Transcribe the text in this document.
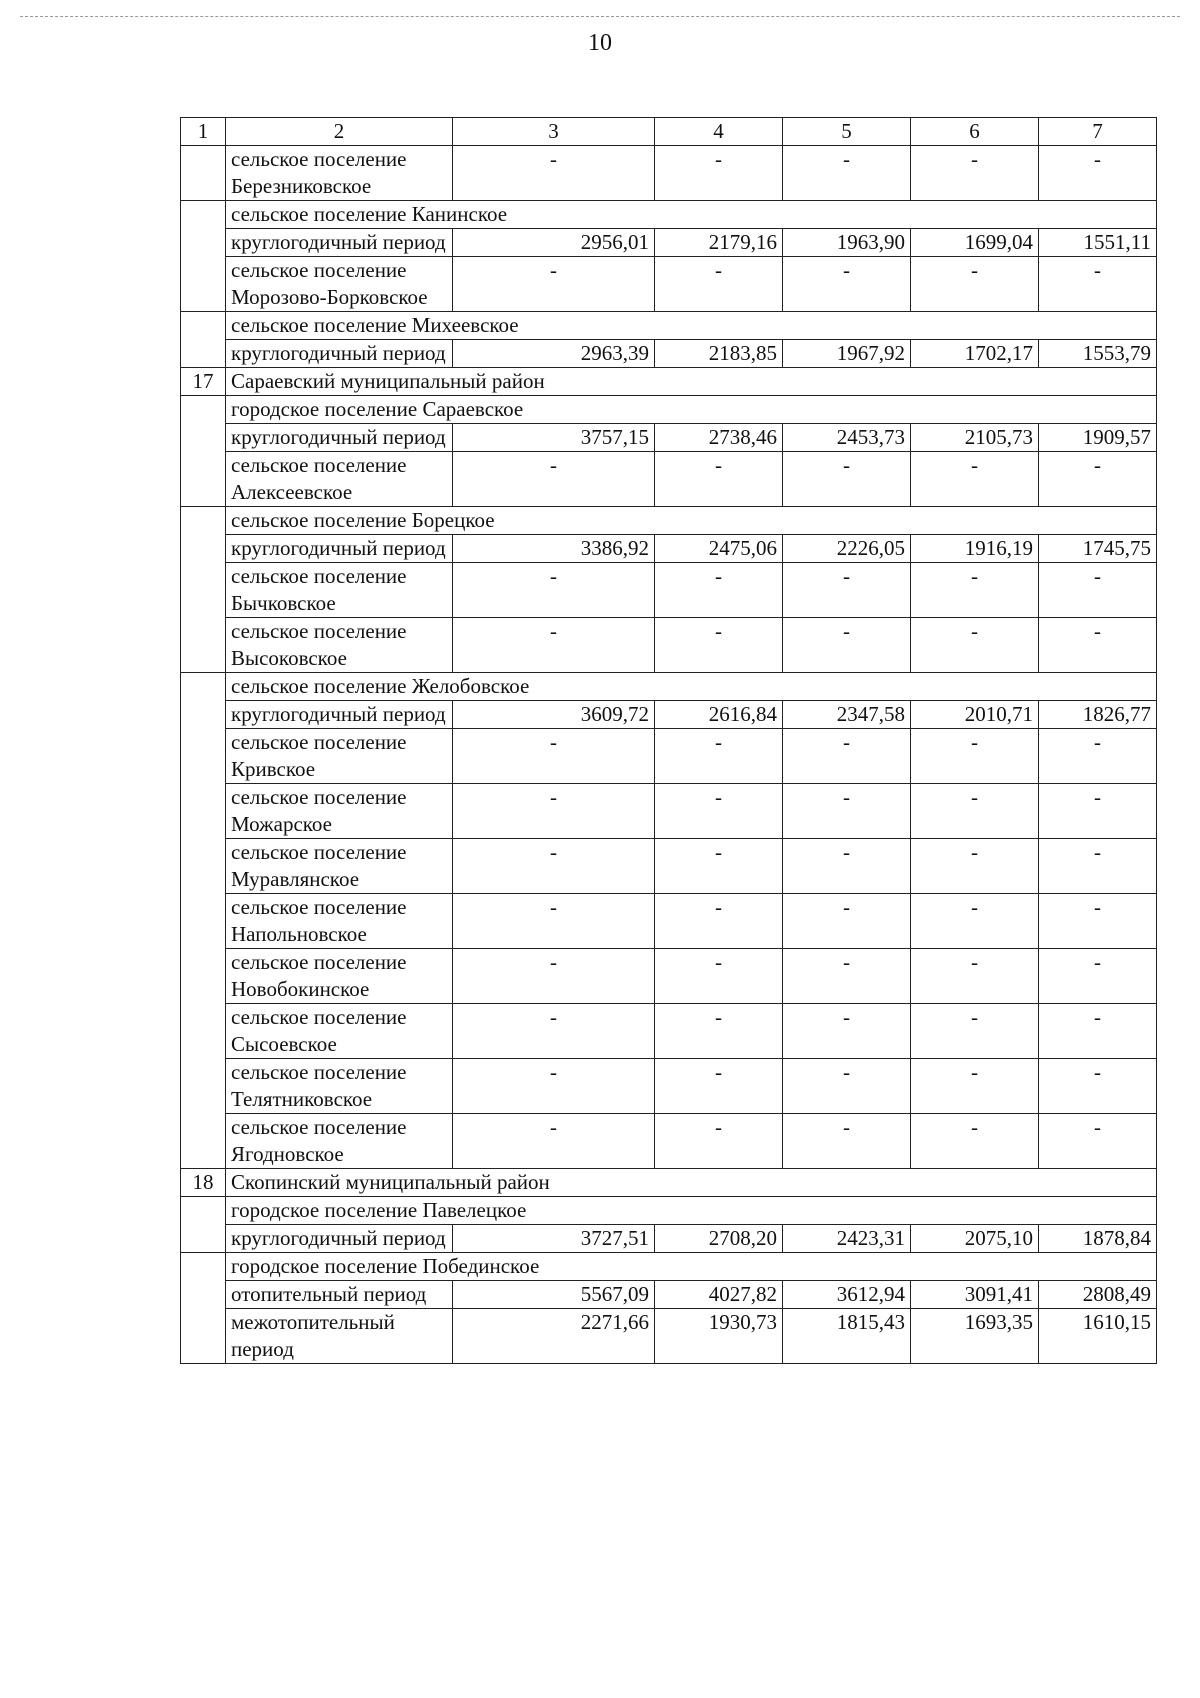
10
1	2	3	4	5	6	7
	сельское поселение Березниковское	-	-	-	-	-
	сельское поселение Канинское					
	круглогодичный период	2956,01	2179,16	1963,90	1699,04	1551,11
	сельское поселение Морозово-Борковское	-	-	-	-	-
	сельское поселение Михеевское					
	круглогодичный период	2963,39	2183,85	1967,92	1702,17	1553,79
17	Сараевский муниципальный район					
	городское поселение Сараевское					
	круглогодичный период	3757,15	2738,46	2453,73	2105,73	1909,57
	сельское поселение Алексеевское	-	-	-	-	-
	сельское поселение Борецкое					
	круглогодичный период	3386,92	2475,06	2226,05	1916,19	1745,75
	сельское поселение Бычковское	-	-	-	-	-
	сельское поселение Высоковское	-	-	-	-	-
	сельское поселение Желобовское					
	круглогодичный период	3609,72	2616,84	2347,58	2010,71	1826,77
	сельское поселение Кривское	-	-	-	-	-
	сельское поселение Можарское	-	-	-	-	-
	сельское поселение Муравлянское	-	-	-	-	-
	сельское поселение Напольновское	-	-	-	-	-
	сельское поселение Новобокинское	-	-	-	-	-
	сельское поселение Сысоевское	-	-	-	-	-
	сельское поселение Телятниковское	-	-	-	-	-
	сельское поселение Ягодновское	-	-	-	-	-
18	Скопинский муниципальный район					
	городское поселение Павелецкое					
	круглогодичный период	3727,51	2708,20	2423,31	2075,10	1878,84
	городское поселение Побединское					
	отопительный период	5567,09	4027,82	3612,94	3091,41	2808,49
	межотопительный период	2271,66	1930,73	1815,43	1693,35	1610,15
